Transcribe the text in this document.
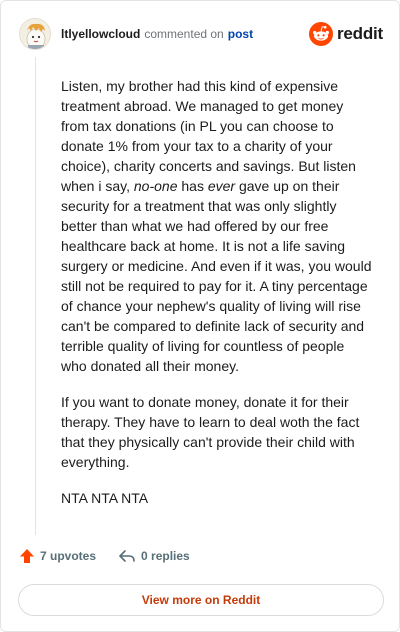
ltlyellowcloud commented on post	reddit

Listen, my brother had this kind of expensive treatment abroad. We managed to get money from tax donations (in PL you can choose to donate 1% from your tax to a charity of your choice), charity concerts and savings. But listen when i say, no-one has ever gave up on their security for a treatment that was only slightly better than what we had offered by our free healthcare back at home. It is not a life saving surgery or medicine. And even if it was, you would still not be required to pay for it. A tiny percentage of chance your nephew's quality of living will rise can't be compared to definite lack of security and terrible quality of living for countless of people who donated all their money.

If you want to donate money, donate it for their therapy. They have to learn to deal woth the fact that they physically can't provide their child with everything.

NTA NTA NTA

7 upvotes	0 replies
View more on Reddit
